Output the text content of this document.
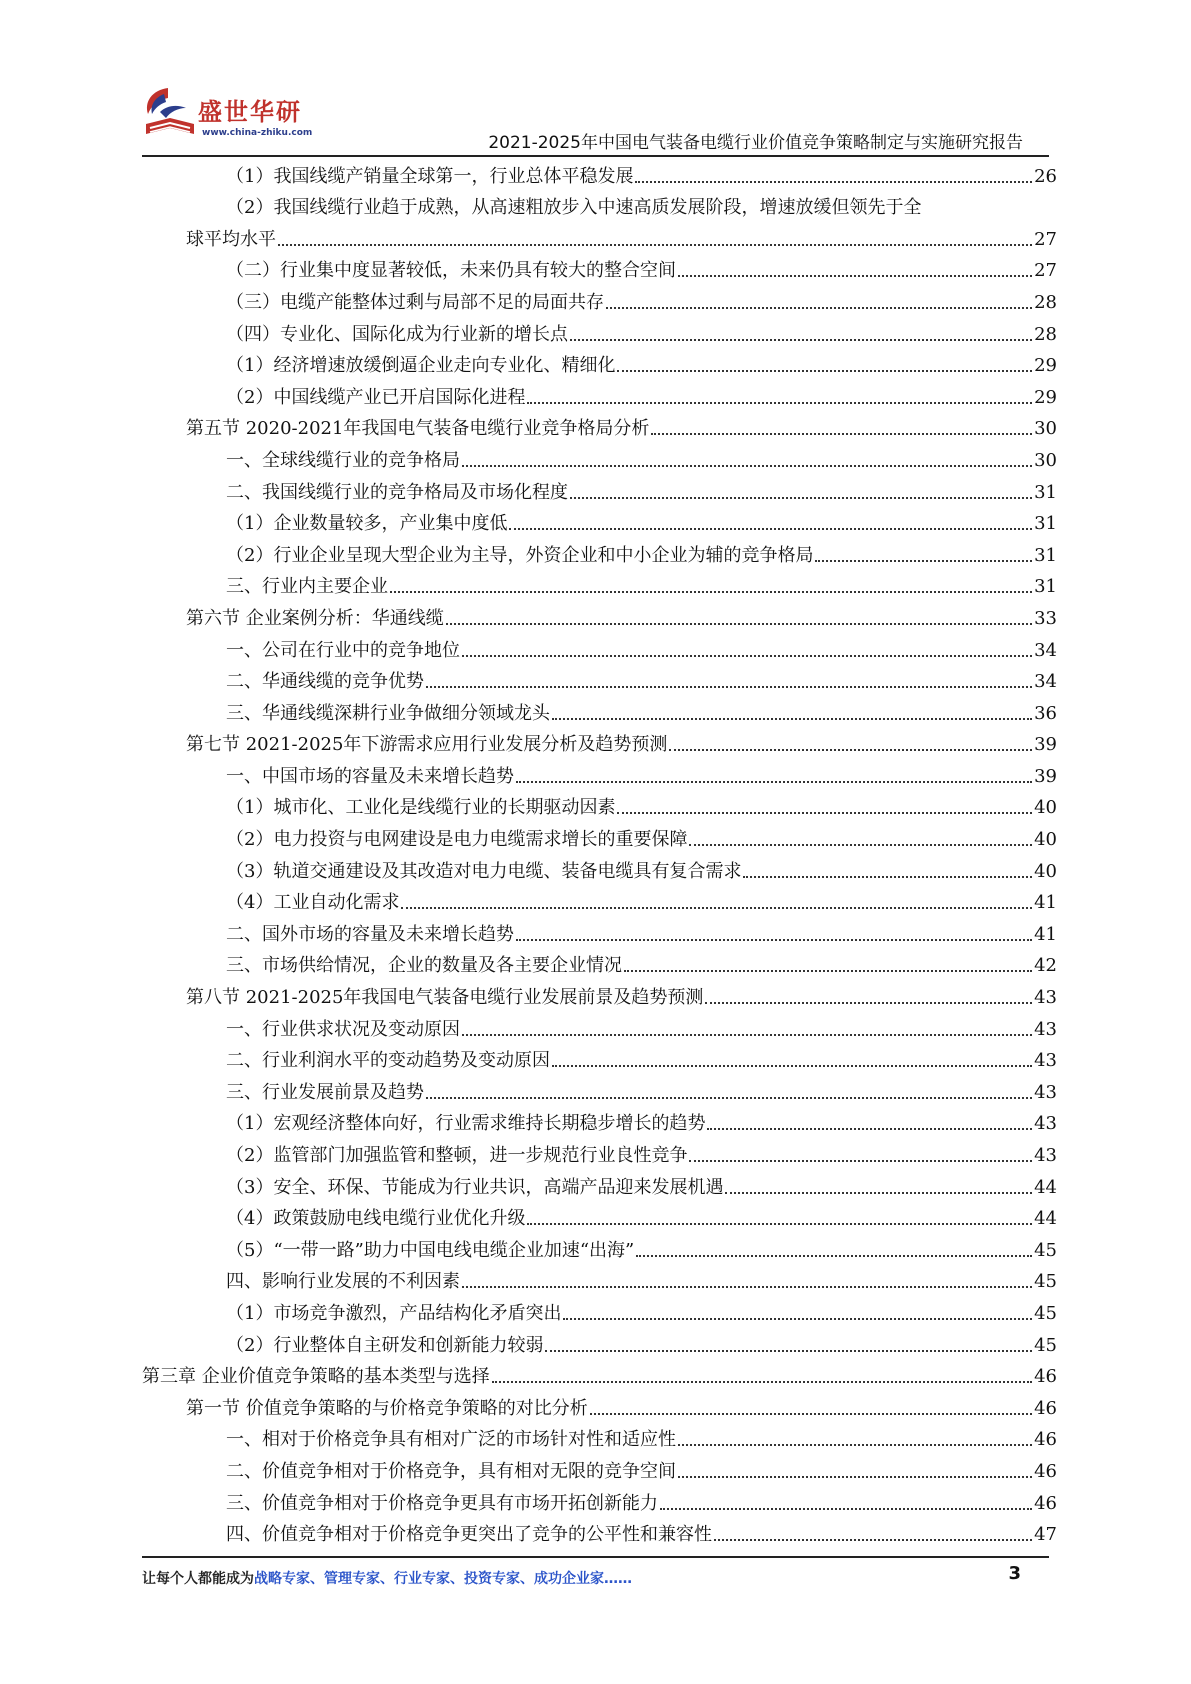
盛世华研
www.china-zhiku.com	2021-2025年中国电气装备电缆行业价值竞争策略制定与实施研究报告
（1）我国线缆产销量全球第一，行业总体平稳发展	26
（2）我国线缆行业趋于成熟，从高速粗放步入中速高质发展阶段，增速放缓但领先于全
球平均水平	27
（二）行业集中度显著较低，未来仍具有较大的整合空间	27
（三）电缆产能整体过剩与局部不足的局面共存	28
（四）专业化、国际化成为行业新的增长点	28
（1）经济增速放缓倒逼企业走向专业化、精细化	29
（2）中国线缆产业已开启国际化进程	29
第五节 2020-2021年我国电气装备电缆行业竞争格局分析	30
一、全球线缆行业的竞争格局	30
二、我国线缆行业的竞争格局及市场化程度	31
（1）企业数量较多，产业集中度低	31
（2）行业企业呈现大型企业为主导，外资企业和中小企业为辅的竞争格局	31
三、行业内主要企业	31
第六节 企业案例分析：华通线缆	33
一、公司在行业中的竞争地位	34
二、华通线缆的竞争优势	34
三、华通线缆深耕行业争做细分领域龙头	36
第七节 2021-2025年下游需求应用行业发展分析及趋势预测	39
一、中国市场的容量及未来增长趋势	39
（1）城市化、工业化是线缆行业的长期驱动因素	40
（2）电力投资与电网建设是电力电缆需求增长的重要保障	40
（3）轨道交通建设及其改造对电力电缆、装备电缆具有复合需求	40
（4）工业自动化需求	41
二、国外市场的容量及未来增长趋势	41
三、市场供给情况，企业的数量及各主要企业情况	42
第八节 2021-2025年我国电气装备电缆行业发展前景及趋势预测	43
一、行业供求状况及变动原因	43
二、行业利润水平的变动趋势及变动原因	43
三、行业发展前景及趋势	43
（1）宏观经济整体向好，行业需求维持长期稳步增长的趋势	43
（2）监管部门加强监管和整顿，进一步规范行业良性竞争	43
（3）安全、环保、节能成为行业共识，高端产品迎来发展机遇	44
（4）政策鼓励电线电缆行业优化升级	44
（5）“一带一路”助力中国电线电缆企业加速“出海”	45
四、影响行业发展的不利因素	45
（1）市场竞争激烈，产品结构化矛盾突出	45
（2）行业整体自主研发和创新能力较弱	45
第三章 企业价值竞争策略的基本类型与选择	46
第一节 价值竞争策略的与价格竞争策略的对比分析	46
一、相对于价格竞争具有相对广泛的市场针对性和适应性	46
二、价值竞争相对于价格竞争，具有相对无限的竞争空间	46
三、价值竞争相对于价格竞争更具有市场开拓创新能力	46
四、价值竞争相对于价格竞争更突出了竞争的公平性和兼容性	47
让每个人都能成为战略专家、管理专家、行业专家、投资专家、成功企业家……	3
